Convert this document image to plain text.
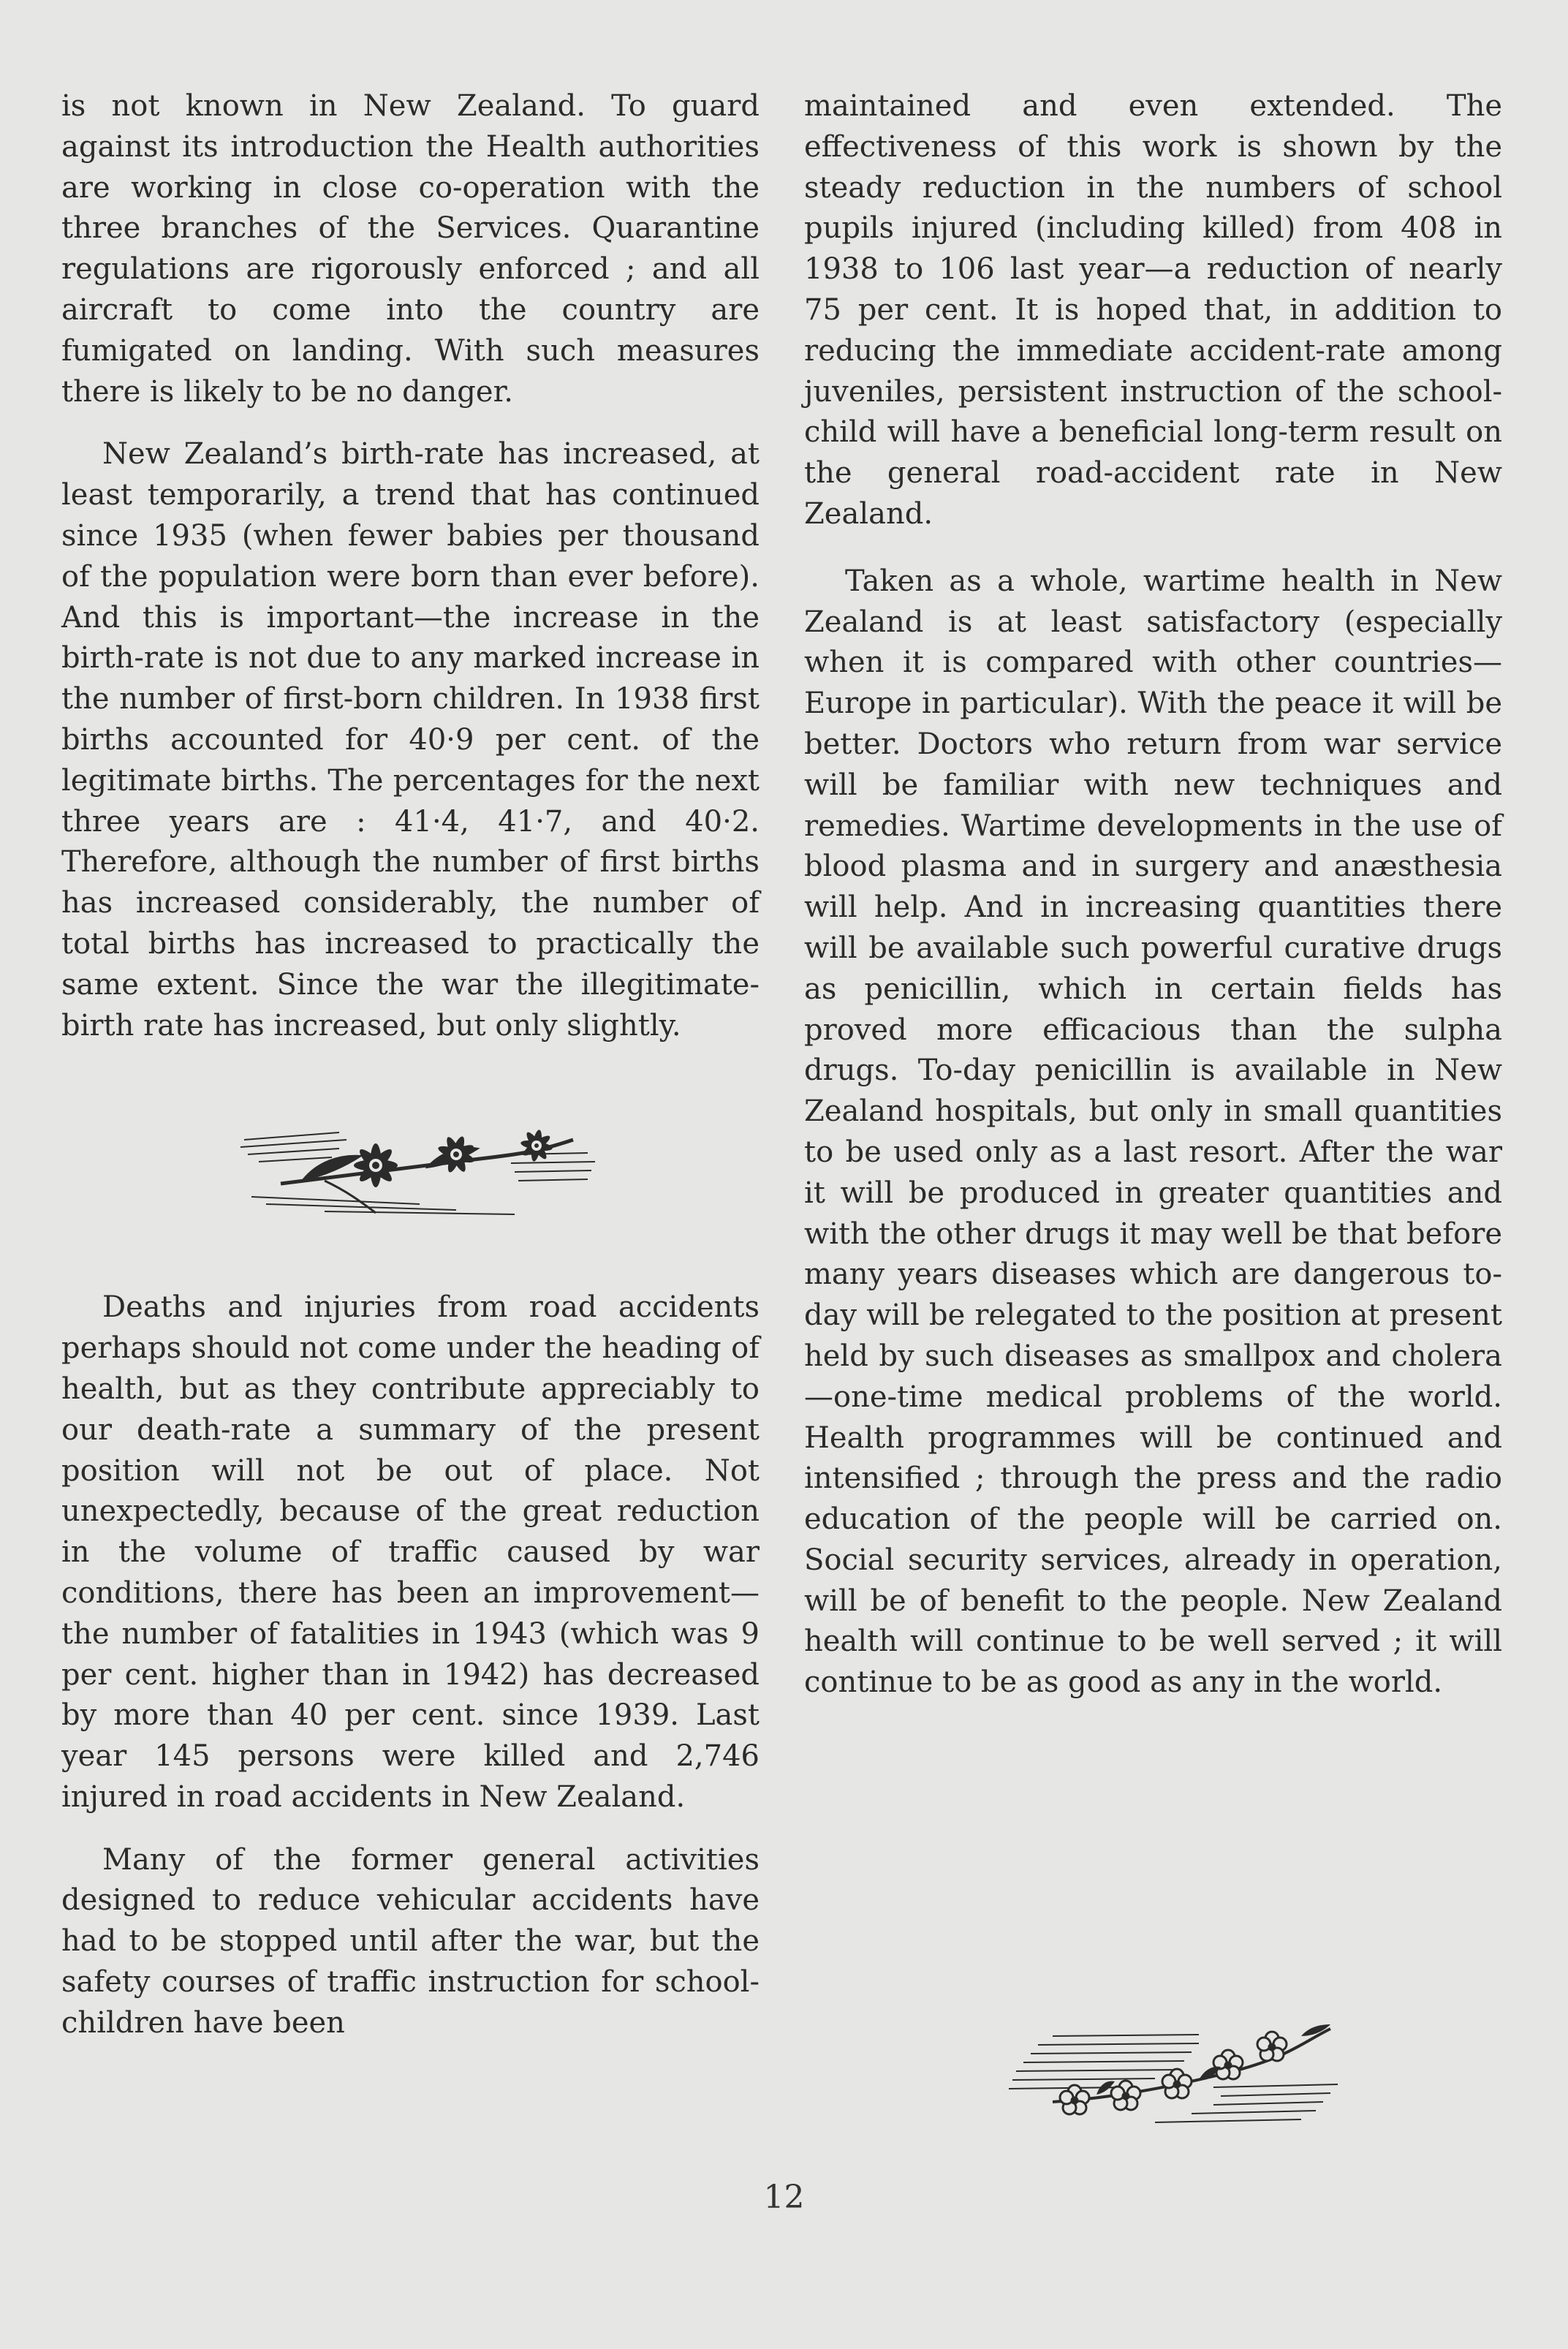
is not known in New Zealand. To guard against its introduction the Health authorities are working in close co-operation with the three branches of the Services. Quarantine regulations are rigorously enforced ; and all aircraft to come into the country are fumigated on landing. With such measures there is likely to be no danger.

New Zealand’s birth-rate has increased, at least temporarily, a trend that has continued since 1935 (when fewer babies per thousand of the population were born than ever before). And this is important—the increase in the birth-rate is not due to any marked increase in the number of first-born children. In 1938 first births accounted for 40·9 per cent. of the legitimate births. The percentages for the next three years are : 41·4, 41·7, and 40·2. Therefore, although the number of first births has increased considerably, the number of total births has increased to practically the same extent. Since the war the illegitimate-birth rate has increased, but only slightly.

Deaths and injuries from road accidents perhaps should not come under the heading of health, but as they contribute appreciably to our death-rate a summary of the present position will not be out of place. Not unexpectedly, because of the great reduction in the volume of traffic caused by war conditions, there has been an improvement—the number of fatalities in 1943 (which was 9 per cent. higher than in 1942) has decreased by more than 40 per cent. since 1939. Last year 145 persons were killed and 2,746 injured in road accidents in New Zealand.

Many of the former general activities designed to reduce vehicular accidents have had to be stopped until after the war, but the safety courses of traffic instruction for school-children have been

maintained and even extended. The effectiveness of this work is shown by the steady reduction in the numbers of school pupils injured (including killed) from 408 in 1938 to 106 last year—a reduction of nearly 75 per cent. It is hoped that, in addition to reducing the immediate accident-rate among juveniles, persistent instruction of the school-child will have a beneficial long-term result on the general road-accident rate in New Zealand.

Taken as a whole, wartime health in New Zealand is at least satisfactory (especially when it is compared with other countries—Europe in particular). With the peace it will be better. Doctors who return from war service will be familiar with new techniques and remedies. Wartime developments in the use of blood plasma and in surgery and anæsthesia will help. And in increasing quantities there will be available such powerful curative drugs as penicillin, which in certain fields has proved more efficacious than the sulpha drugs. To-day penicillin is available in New Zealand hospitals, but only in small quantities to be used only as a last resort. After the war it will be produced in greater quantities and with the other drugs it may well be that before many years diseases which are dangerous to-day will be relegated to the position at present held by such diseases as smallpox and cholera—one-time medical problems of the world. Health programmes will be continued and intensified ; through the press and the radio education of the people will be carried on. Social security services, already in operation, will be of benefit to the people. New Zealand health will continue to be well served ; it will continue to be as good as any in the world.

12
